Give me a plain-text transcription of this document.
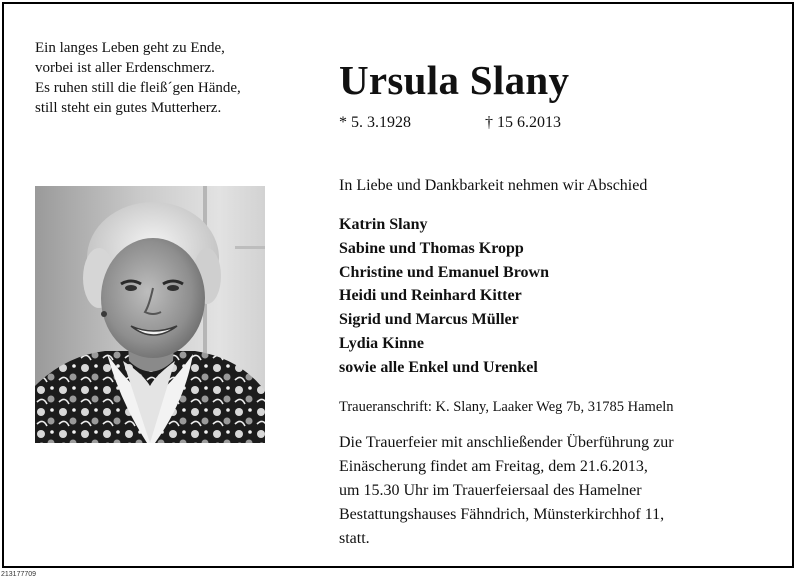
Ein langes Leben geht zu Ende,
vorbei ist aller Erdenschmerz.
Es ruhen still die fleiß´gen Hände,
still steht ein gutes Mutterherz.
Ursula Slany
* 5. 3.1928	† 15 6.2013
In Liebe und Dankbarkeit nehmen wir Abschied
Katrin Slany
Sabine und Thomas Kropp
Christine und Emanuel Brown
Heidi und Reinhard Kitter
Sigrid und Marcus Müller
Lydia Kinne
sowie alle Enkel und Urenkel
Traueranschrift: K. Slany, Laaker Weg 7b, 31785 Hameln
Die Trauerfeier mit anschließender Überführung zur
Einäscherung findet am Freitag, dem 21.6.2013,
um 15.30 Uhr im Trauerfeiersaal des Hamelner
Bestattungshauses Fähndrich, Münsterkirchhof 11,
statt.
213177709
